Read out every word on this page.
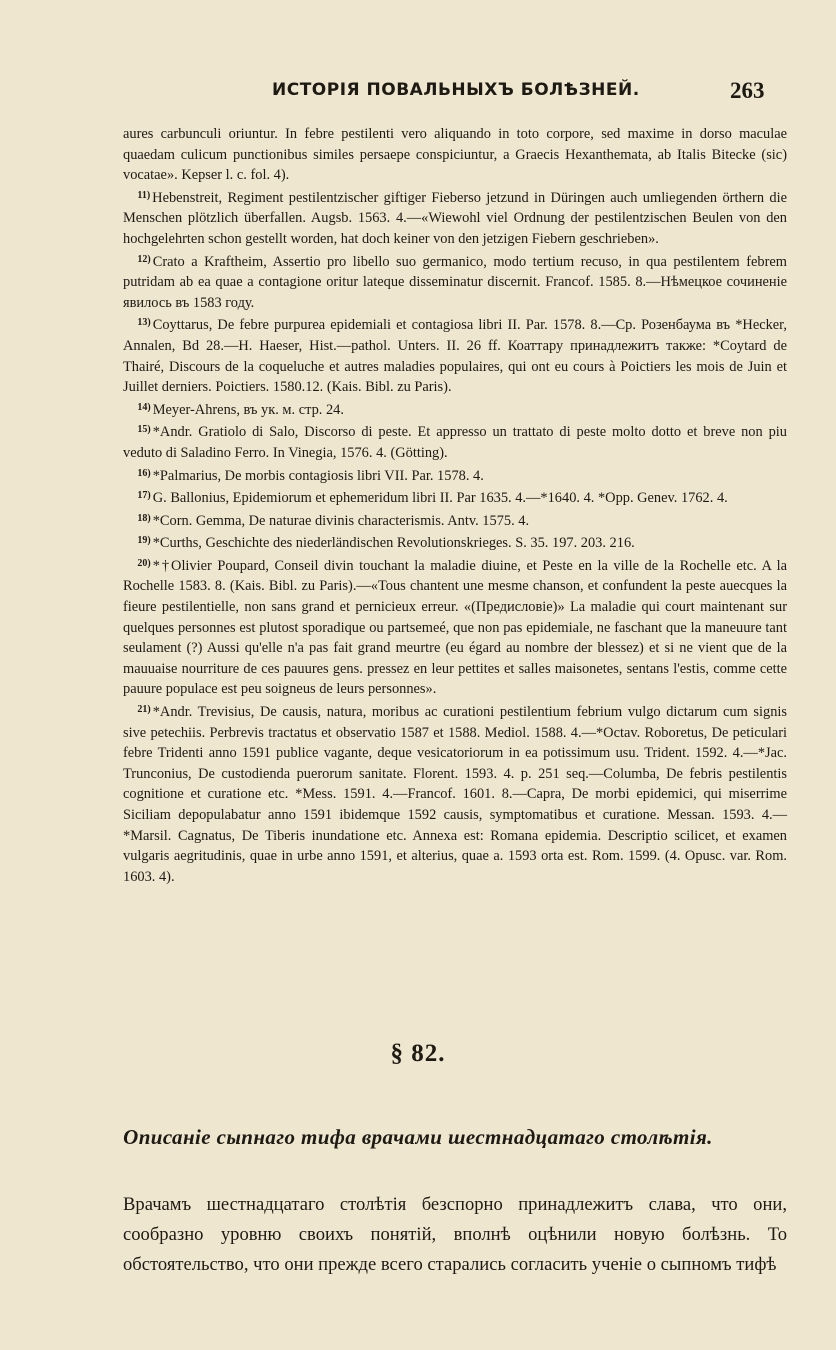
ИСТОРІЯ ПОВАЛЬНЫХЪ БОЛѢЗНЕЙ.	263

aures carbunculi oriuntur. In febre pestilenti vero aliquando in toto corpore, sed maxime in dorso maculae quaedam culicum punctionibus similes persaepe conspiciuntur, a Graecis Hexanthemata, ab Italis Bitecke (sic) vocatae». Kepser l. c. fol. 4).

 $^{11)}$ Hebenstreit, Regiment pestilentzischer giftiger Fieberso jetzund in Düringen auch umliegenden örthern die Menschen plötzlich überfallen. Augsb. 1563. 4.—«Wiewohl viel Ordnung der pestilentzischen Beulen von den hochgelehrten schon gestellt worden, hat doch keiner von den jetzigen Fiebern geschrieben».

 $^{12)}$ Crato a Kraftheim, Assertio pro libello suo germanico, modo tertium recuso, in qua pestilentem febrem putridam ab ea quae a contagione oritur lateque disseminatur discernit. Francof. 1585. 8.—Нѣмецкое сочиненіе явилось въ 1583 году.

 $^{13)}$ Coyttarus, De febre purpurea epidemiali et contagiosa libri II. Par. 1578. 8.—Ср. Розенбаума въ *Hecker, Annalen, Bd 28.—H. Haeser, Hist.—pathol. Unters. II. 26 ff. Коаттару принадлежитъ также: *Coytard de Thairé, Discours de la coqueluche et autres maladies populaires, qui ont eu cours à Poictiers les mois de Juin et Juillet derniers. Poictiers. 1580.12. (Kais. Bibl. zu Paris).

 $^{14)}$ Meyer-Ahrens, въ ук. м. стр. 24.

 $^{15)}$ *Andr. Gratiolo di Salo, Discorso di peste. Et appresso un trattato di peste molto dotto et breve non piu veduto di Saladino Ferro. In Vinegia, 1576. 4. (Götting).

 $^{16)}$ *Palmarius, De morbis contagiosis libri VII. Par. 1578. 4.

 $^{17)}$ G. Ballonius, Epidemiorum et ephemeridum libri II. Par 1635. 4.—*1640. 4. *Opp. Genev. 1762. 4.

 $^{18)}$ *Corn. Gemma, De naturae divinis characterismis. Antv. 1575. 4.

 $^{19)}$ *Curths, Geschichte des niederländischen Revolutionskrieges. S. 35. 197. 203. 216.

 $^{20)}$ *†Olivier Poupard, Conseil divin touchant la maladie diuine, et Peste en la ville de la Rochelle etc. A la Rochelle 1583. 8. (Kais. Bibl. zu Paris).—«Tous chantent une mesme chanson, et confundent la peste auecques la fieure pestilentielle, non sans grand et pernicieux erreur. «(Предисловіе)» La maladie qui court maintenant sur quelques personnes est plutost sporadique ou partsemeé, que non pas epidemiale, ne faschant que la maneuure tant seulament (?) Aussi qu'elle n'a pas fait grand meurtre (eu égard au nombre der blessez) et si ne vient que de la mauuaise nourriture de ces pauures gens. pressez en leur pettites et salles maisonetes, sentans l'estis, comme cette pauure populace est peu soigneus de leurs personnes».

 $^{21)}$ *Andr. Trevisius, De causis, natura, moribus ac curationi pestilentium febrium vulgo dictarum cum signis sive petechiis. Perbrevis tractatus et observatio 1587 et 1588. Mediol. 1588. 4.—*Octav. Roboretus, De peticulari febre Tridenti anno 1591 publice vagante, deque vesicatoriorum in ea potissimum usu. Trident. 1592. 4.—*Jac. Trunconius, De custodienda puerorum sanitate. Florent. 1593. 4. p. 251 seq.—Columba, De febris pestilentis cognitione et curatione etc. *Mess. 1591. 4.—Francof. 1601. 8.—Capra, De morbi epidemici, qui miserrime Siciliam depopulabatur anno 1591 ibidemque 1592 causis, symptomatibus et curatione. Messan. 1593. 4.—*Marsil. Cagnatus, De Tiberis inundatione etc. Annexa est: Romana epidemia. Descriptio scilicet, et examen vulgaris aegritudinis, quae in urbe anno 1591, et alterius, quae a. 1593 orta est. Rom. 1599. (4. Opusc. var. Rom. 1603. 4).

§ 82.
Описаніе сыпнаго тифа врачами шестнадцатаго столѣтія.
Врачамъ шестнадцатаго столѣтія безспорно принадлежитъ слава, что они, сообразно уровню своихъ понятій, вполнѣ оцѣнили новую болѣзнь. То обстоятельство, что они прежде всего старались согласить ученіе о сыпномъ тифѣ
